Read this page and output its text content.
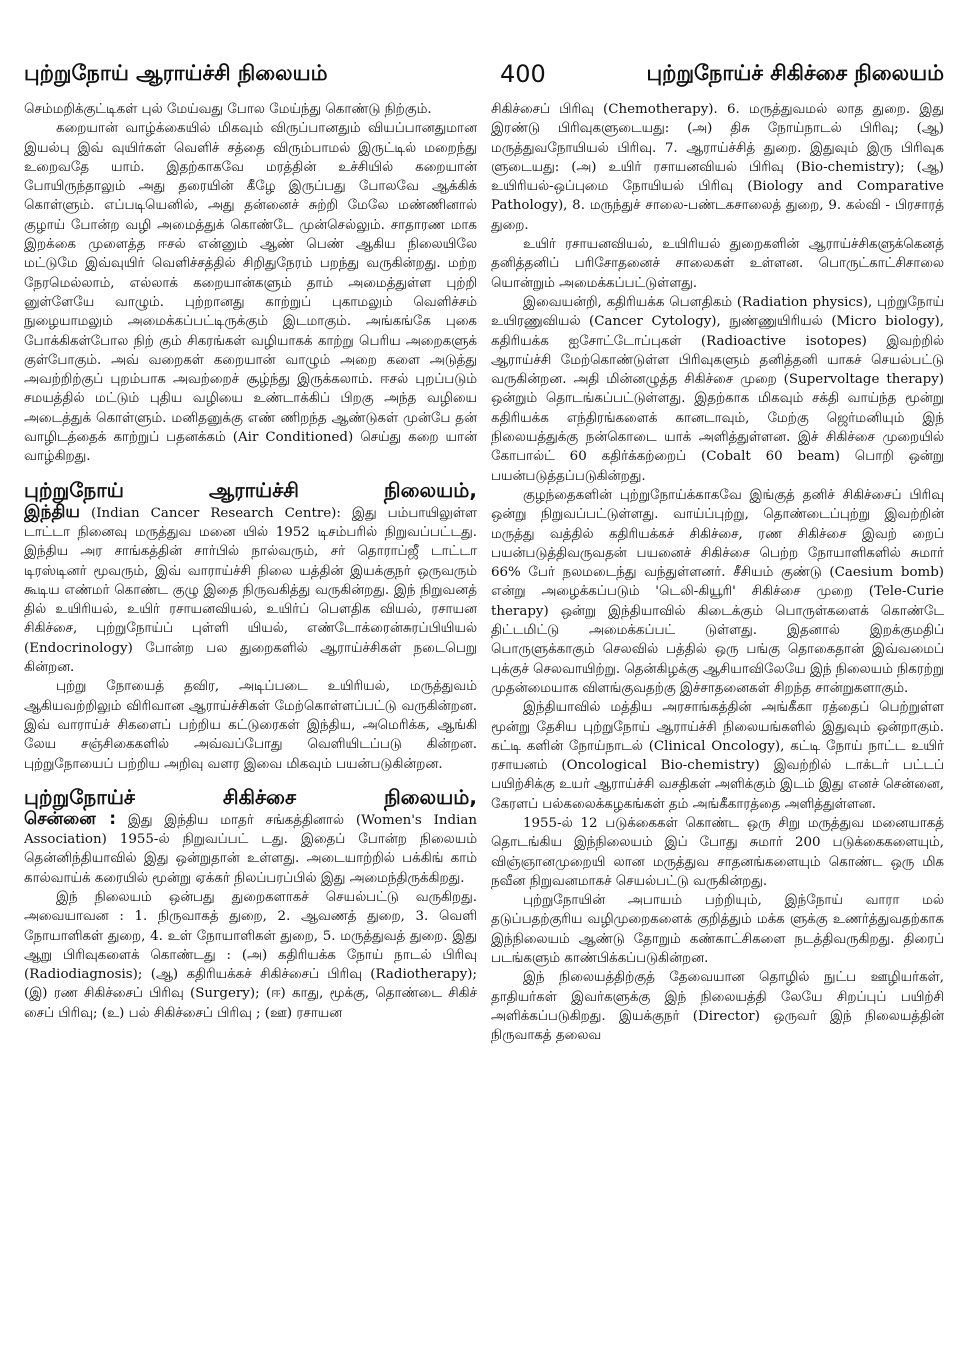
புற்றுநோய் ஆராய்ச்சி நிலையம்	400	புற்றுநோய்ச் சிகிச்சை நிலையம்

செம்மறிக்குட்டிகள் புல் மேய்வது போல மேய்ந்து கொண்டு நிற்கும்.

கறையான் வாழ்க்கையில் மிகவும் விருப்பானதும் வியப்பானதுமான இயல்பு இவ் வுயிர்கள் வெளிச் சத்தை விரும்பாமல் இருட்டில் மறைந்து உறைவதே யாம். இதற்காகவே மரத்தின் உச்சியில் கறையான் போயிருந்தாலும் அது தரையின் கீழே இருப்பது போலவே ஆக்கிக் கொள்ளும். எப்படியெனில், அது தன்னைச் சுற்றி மேலே மண்ணினால் குழாய் போன்ற வழி அமைத்துக் கொண்டே முன்செல்லும். சாதாரண மாக இறக்கை முளைத்த ஈசல் என்னும் ஆண் பெண் ஆகிய நிலையிலே மட்டுமே இவ்வுயிர் வெளிச்சத்தில் சிறிதுநேரம் பறந்து வருகின்றது. மற்ற நேரமெல்லாம், எல்லாக் கறையான்களும் தாம் அமைத்துள்ள புற்றி னுள்ளேயே வாழும். புற்றானது காற்றுப் புகாமலும் வெளிச்சம் நுழையாமலும் அமைக்கப்பட்டிருக்கும் இடமாகும். அங்கங்கே புகை போக்கிகள்போல நிற் கும் சிகரங்கள் வழியாகக் காற்று பெரிய அறைகளுக் குள்போகும். அவ் வறைகள் கறையான் வாழும் அறை களை அடுத்து அவற்றிற்குப் புறம்பாக அவற்றைச் சூழ்ந்து இருக்கலாம். ஈசல் புறப்படும் சமயத்தில் மட்டும் புதிய வழியை உண்டாக்கிப் பிறகு அந்த வழியை அடைத்துக் கொள்ளும். மனிதனுக்கு எண் ணிறந்த ஆண்டுகள் முன்பே தன் வாழிடத்தைக் காற்றுப் பதனக்கம் (Air Conditioned) செய்து கறை யான் வாழ்கிறது.

புற்றுநோய் ஆராய்ச்சி நிலையம்,

இந்திய (Indian Cancer Research Centre): இது பம்பாயிலுள்ள டாட்டா நினைவு மருத்துவ மனை யில் 1952 டிசம்பரில் நிறுவப்பட்டது. இந்திய அர சாங்கத்தின் சார்பில் நால்வரும், சர் தொராப்ஜீ டாட்டா டிரஸ்டினர் மூவரும், இவ் வாராய்ச்சி நிலை யத்தின் இயக்குநர் ஒருவரும் கூடிய எண்மர் கொண்ட குழு இதை நிருவகித்து வருகின்றது. இந் நிறுவனத் தில் உயிரியல், உயிர் ரசாயனவியல், உயிர்ப் பௌதிக வியல், ரசாயன சிகிச்சை, புற்றுநோய்ப் புள்ளி யியல், எண்டோக்ரைன்சுரப்பியியல் (Endocrinology) போன்ற பல துறைகளில் ஆராய்ச்சிகள் நடைபெறு கின்றன.

புற்று நோயைத் தவிர, அடிப்படை உயிரியல், மருத்துவம் ஆகியவற்றிலும் விரிவான ஆராய்ச்சிகள் மேற்கொள்ளப்பட்டு வருகின்றன. இவ் வாராய்ச் சிகளைப் பற்றிய கட்டுரைகள் இந்திய, அமெரிக்க, ஆங்கி லேய சஞ்சிகைகளில் அவ்வப்போது வெளியிடப்படு கின்றன. புற்றுநோயைப் பற்றிய அறிவு வளர இவை மிகவும் பயன்படுகின்றன.

புற்றுநோய்ச் சிகிச்சை நிலையம்,

சென்னை : இது இந்திய மாதர் சங்கத்தினால் (Women's Indian Association) 1955-ல் நிறுவப்பட் டது. இதைப் போன்ற நிலையம் தென்னிந்தியாவில் இது ஒன்றுதான் உள்ளது. அடையாற்றில் பக்கிங் காம் கால்வாய்க் கரையில் மூன்று ஏக்கர் நிலப்பரப்பில் இது அமைந்திருக்கிறது.

இந் நிலையம் ஒன்பது துறைகளாகச் செயல்பட்டு வருகிறது. அவையாவன : 1. நிருவாகத் துறை, 2. ஆவணத் துறை, 3. வெளி நோயாளிகள் துறை, 4. உள் நோயாளிகள் துறை, 5. மருத்துவத் துறை. இது ஆறு பிரிவுகளைக் கொண்டது : (அ) கதிரியக்க நோய் நாடல் பிரிவு (Radiodiagnosis); (ஆ) கதிரியக்கச் சிகிச்சைப் பிரிவு (Radiotherapy); (இ) ரண சிகிச்சைப் பிரிவு (Surgery); (ஈ) காது, மூக்கு, தொண்டை சிகிச் சைப் பிரிவு; (உ) பல் சிகிச்சைப் பிரிவு ; (ஊ) ரசாயன

சிகிச்சைப் பிரிவு (Chemotherapy). 6. மருத்துவமல் லாத துறை. இது இரண்டு பிரிவுகளுடையது: (அ) திசு நோய்நாடல் பிரிவு; (ஆ) மருத்துவநோயியல் பிரிவு. 7. ஆராய்ச்சித் துறை. இதுவும் இரு பிரிவுக ளுடையது: (அ) உயிர் ரசாயனவியல் பிரிவு (Bio-chemistry); (ஆ) உயிரியல்-ஒப்புமை நோயியல் பிரிவு (Biology and Comparative Pathology), 8. மருந்துச் சாலை-பண்டகசாலைத் துறை, 9. கல்வி - பிரசாரத் துறை.

உயிர் ரசாயனவியல், உயிரியல் துறைகளின் ஆராய்ச்சிகளுக்கெனத் தனித்தனிப் பரிசோதனைச் சாலைகள் உள்ளன. பொருட்காட்சிசாலை யொன்றும் அமைக்கப்பட்டுள்ளது.

இவையன்றி, கதிரியக்க பௌதிகம் (Radiation physics), புற்றுநோய் உயிரணுவியல் (Cancer Cytology), நுண்ணுயிரியல் (Micro biology), கதிரியக்க ஐசோட்டோப்புகள் (Radioactive isotopes) இவற்றில் ஆராய்ச்சி மேற்கொண்டுள்ள பிரிவுகளும் தனித்தனி யாகச் செயல்பட்டு வருகின்றன. அதி மின்னழுத்த சிகிச்சை முறை (Supervoltage therapy) ஒன்றும் தொடங்கப்பட்டுள்ளது. இதற்காக மிகவும் சக்தி வாய்ந்த மூன்று கதிரியக்க எந்திரங்களைக் கானடாவும், மேற்கு ஜெர்மனியும் இந் நிலையத்துக்கு நன்கொடை யாக் அளித்துள்ளன. இச் சிகிச்சை முறையில் கோபால்ட் 60 கதிர்க்கற்றைப் (Cobalt 60 beam) பொறி ஒன்று பயன்படுத்தப்படுகின்றது.

குழந்தைகளின் புற்றுநோய்க்காகவே இங்குத் தனிச் சிகிச்சைப் பிரிவு ஒன்று நிறுவப்பட்டுள்ளது. வாய்ப்புற்று, தொண்டைப்புற்று இவற்றின் மருத்து வத்தில் கதிரியக்கச் சிகிச்சை, ரண சிகிச்சை இவற் றைப் பயன்படுத்திவருவதன் பயனைச் சிகிச்சை பெற்ற நோயாளிகளில் சுமார் 66% பேர் நலமடைந்து வந்துள்ளனர். சீசியம் குண்டு (Caesium bomb) என்று அழைக்கப்படும் 'டெலி-கியூரி' சிகிச்சை முறை (Tele-Curie therapy) ஒன்று இந்தியாவில் கிடைக்கும் பொருள்களைக் கொண்டே திட்டமிட்டு அமைக்கப்பட் டுள்ளது. இதனால் இறக்குமதிப் பொருளுக்காகும் செலவில் பத்தில் ஒரு பங்கு தொகைதான் இவ்வமைப் புக்குச் செலவாயிற்று. தென்கிழக்கு ஆசியாவிலேயே இந் நிலையம் நிகரற்று முதன்மையாக விளங்குவதற்கு இச்சாதனைகள் சிறந்த சான்றுகளாகும்.

இந்தியாவில் மத்திய அரசாங்கத்தின் அங்கீகா ரத்தைப் பெற்றுள்ள மூன்று தேசிய புற்றுநோய் ஆராய்ச்சி நிலையங்களில் இதுவும் ஒன்றாகும். கட்டி களின் நோய்நாடல் (Clinical Oncology), கட்டி நோய் நாட்ட உயிர் ரசாயனம் (Oncological Bio-chemistry) இவற்றில் டாக்டர் பட்டப் பயிற்சிக்கு உயர் ஆராய்ச்சி வசதிகள் அளிக்கும் இடம் இது எனச் சென்னை, கேரளப் பல்கலைக்கழகங்கள் தம் அங்கீகாரத்தை அளித்துள்ளன.

1955-ல் 12 படுக்கைகள் கொண்ட ஒரு சிறு மருத்துவ மனையாகத் தொடங்கிய இந்நிலையம் இப் போது சுமார் 200 படுக்கைகளையும், விஞ்ஞானமுறையி லான மருத்துவ சாதனங்களையும் கொண்ட ஒரு மிக நவீன நிறுவனமாகச் செயல்பட்டு வருகின்றது.

புற்றுநோயின் அபாயம் பற்றியும், இந்நோய் வாரா மல் தடுப்பதற்குரிய வழிமுறைகளைக் குறித்தும் மக்க ளுக்கு உணர்த்துவதற்காக இந்நிலையம் ஆண்டு தோறும் கண்காட்சிகளை நடத்திவருகிறது. திரைப் படங்களும் காண்பிக்கப்படுகின்றன.

இந் நிலையத்திற்குத் தேவையான தொழில் நுட்ப ஊழியர்கள், தாதியர்கள் இவர்களுக்கு இந் நிலையத்தி லேயே சிறப்புப் பயிற்சி அளிக்கப்படுகிறது. இயக்குநர் (Director) ஒருவர் இந் நிலையத்தின் நிருவாகத் தலைவ
